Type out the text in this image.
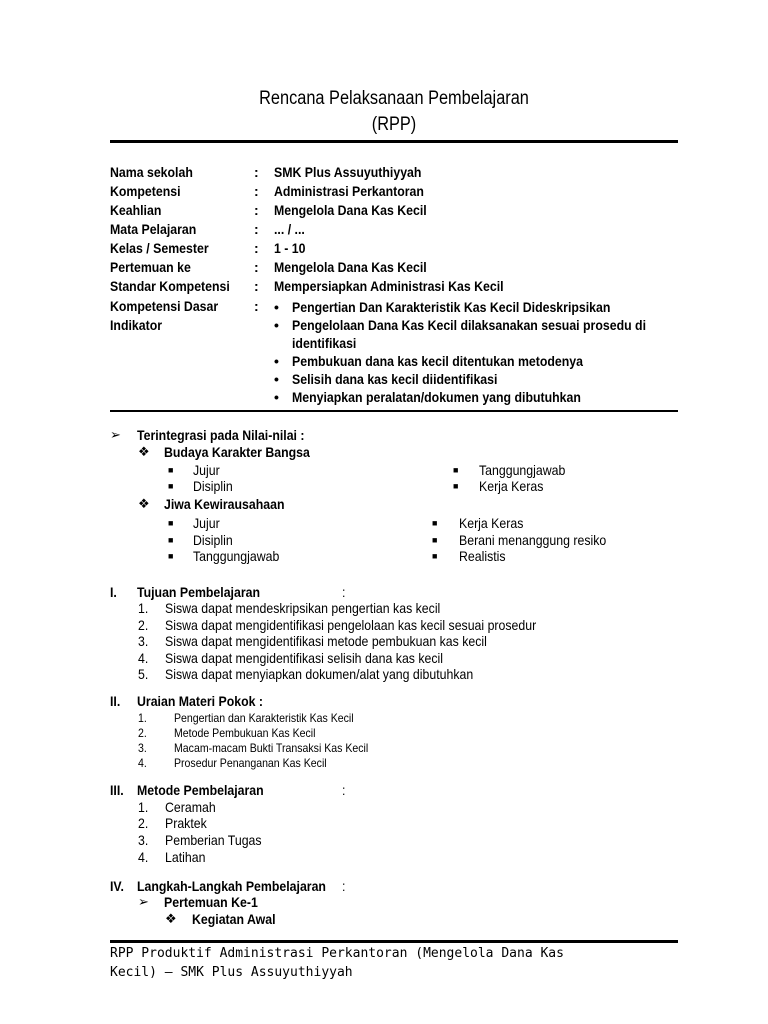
Rencana Pelaksanaan Pembelajaran
(RPP)
Nama sekolah	: SMK Plus Assuyuthiyyah
Kompetensi	: Administrasi Perkantoran
Keahlian	: Mengelola Dana Kas Kecil
Mata Pelajaran	: ... / ...
Kelas / Semester	: 1 - 10
Pertemuan ke	: Mengelola Dana Kas Kecil
Standar Kompetensi : Mempersiapkan Administrasi Kas Kecil
Kompetensi Dasar	:
Indikator
• Pengertian Dan Karakteristik Kas Kecil Dideskripsikan
• Pengelolaan Dana Kas Kecil dilaksanakan sesuai prosedu di
identifikasi
• Pembukuan dana kas kecil ditentukan metodenya
• Selisih dana kas kecil diidentifikasi
• Menyiapkan peralatan/dokumen yang dibutuhkan
➢ Terintegrasi pada Nilai-nilai :
❖ Budaya Karakter Bangsa
■ Jujur
■ Disiplin
■ Tanggungjawab
■ Kerja Keras
❖ Jiwa Kewirausahaan
■ Jujur
■ Disiplin
■ Tanggungjawab
■ Kerja Keras
■ Berani menanggung resiko
■ Realistis
I. Tujuan Pembelajaran	:
1. Siswa dapat mendeskripsikan pengertian kas kecil
2. Siswa dapat mengidentifikasi pengelolaan kas kecil sesuai prosedur
3. Siswa dapat mengidentifikasi metode pembukuan kas kecil
4. Siswa dapat mengidentifikasi selisih dana kas kecil
5. Siswa dapat menyiapkan dokumen/alat yang dibutuhkan
II. Uraian Materi Pokok :
1. Pengertian dan Karakteristik Kas Kecil
2. Metode Pembukuan Kas Kecil
3. Macam-macam Bukti Transaksi Kas Kecil
4. Prosedur Penanganan Kas Kecil
III. Metode Pembelajaran	:
1. Ceramah
2. Praktek
3. Pemberian Tugas
4. Latihan
IV. Langkah-Langkah Pembelajaran :
➢ Pertemuan Ke-1
❖ Kegiatan Awal
RPP Produktif Administrasi Perkantoran (Mengelola Dana Kas
Kecil) – SMK Plus Assuyuthiyyah
